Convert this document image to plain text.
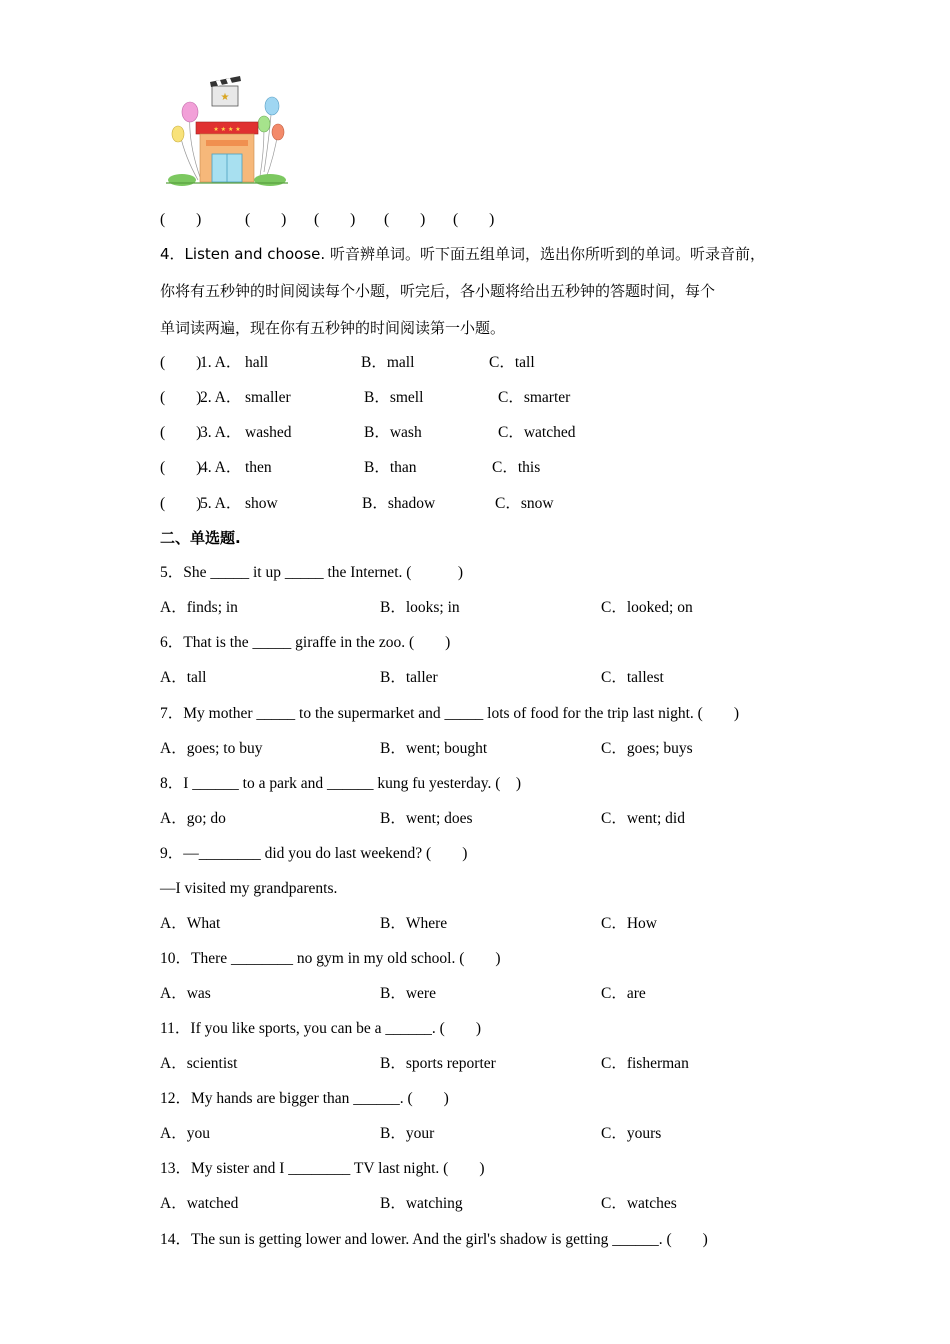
★
★ ★ ★ ★
(　　)	(　　) (　　) (　　) (　　)
4．Listen and choose. 听音辨单词。听下面五组单词，选出你所听到的单词。听录音前，
你将有五秒钟的时间阅读每个小题，听完后，各小题将给出五秒钟的答题时间，每个
单词读两遍，现在你有五秒钟的时间阅读第一小题。
(　　)
1. A． hall	B．mall	C．tall
(　　)
2. A． smaller	B．smell	C．smarter
(　　)
3. A． washed	B．wash	C．watched
(　　)
4. A． then	B．than	C．this
(　　)
5. A． show	B．shadow	C．snow
二、单选题.
5．She _____ it up _____ the Internet. (　　　)
A．finds; in	B．looks; in	C．looked; on
6．That is the _____ giraffe in the zoo. (　　)
A．tall	B．taller	C．tallest
7．My mother _____ to the supermarket and _____ lots of food for the trip last night. (　　)
A．goes; to buy	B．went; bought	C．goes; buys
8．I ______ to a park and ______ kung fu yesterday. (　)
A．go; do	B．went; does	C．went; did
9．—________ did you do last weekend? (　　)
—I visited my grandparents.
A．What	B．Where	C．How
10．There ________ no gym in my old school. (　　)
A．was	B．were	C．are
11．If you like sports, you can be a ______. (　　)
A．scientist	B．sports reporter	C．fisherman
12．My hands are bigger than ______. (　　)
A．you	B．your	C．yours
13．My sister and I ________ TV last night. (　　)
A．watched	B．watching	C．watches
14．The sun is getting lower and lower. And the girl's shadow is getting ______. (　　)
